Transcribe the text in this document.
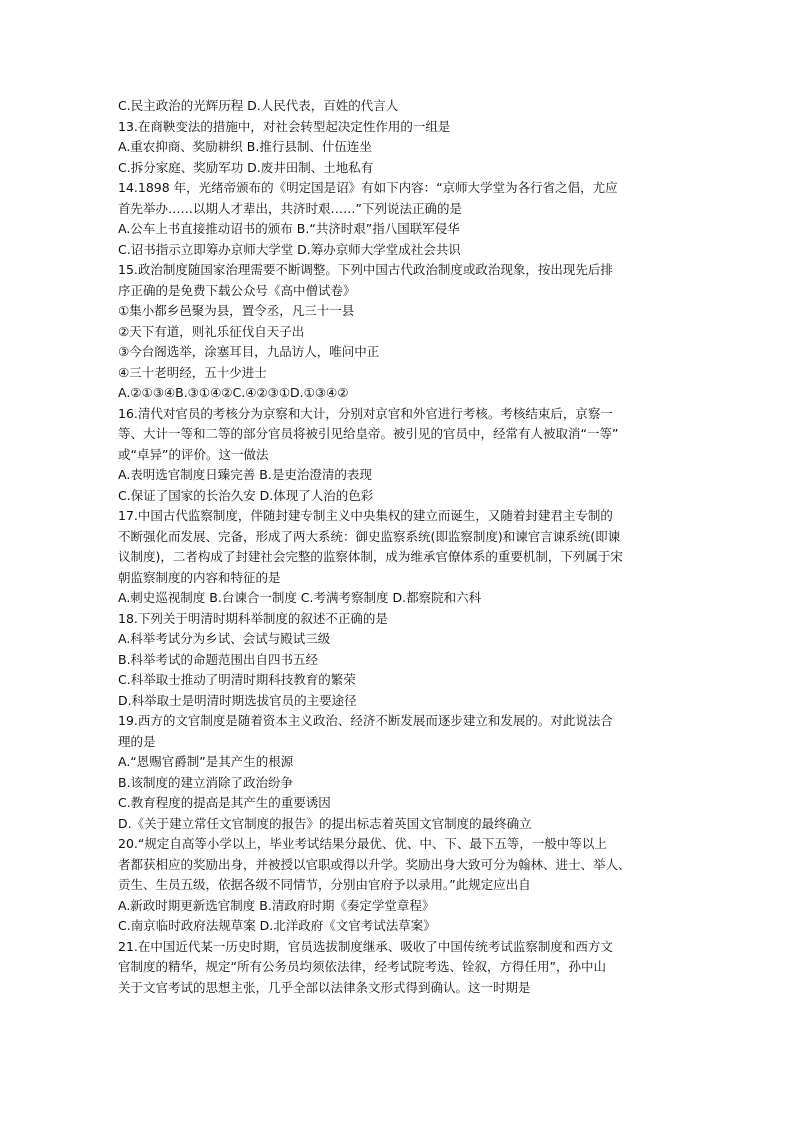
C.民主政治的光辉历程 D.人民代表，百姓的代言人
13.在商鞅变法的措施中，对社会转型起决定性作用的一组是
A.重农抑商、奖励耕织 B.推行县制、什伍连坐
C.拆分家庭、奖励军功 D.废井田制、土地私有
14.1898 年，光绪帝颁布的《明定国是诏》有如下内容：“京师大学堂为各行省之倡，尤应
首先举办……以期人才辈出，共济时艰……”下列说法正确的是
A.公车上书直接推动诏书的颁布 B.“共济时艰”指八国联军侵华
C.诏书指示立即筹办京师大学堂 D.筹办京师大学堂成社会共识
15.政治制度随国家治理需要不断调整。下列中国古代政治制度或政治现象，按出现先后排
序正确的是免费下载公众号《高中僧试卷》
①集小都乡邑聚为县，置令丞，凡三十一县
②天下有道，则礼乐征伐自天子出
③今台阁选举，涂塞耳目，九品访人，唯问中正
④三十老明经，五十少进士
A.②①③④B.③①④②C.④②③①D.①③④②
16.清代对官员的考核分为京察和大计，分别对京官和外官进行考核。考核结束后，京察一
等、大计一等和二等的部分官员将被引见给皇帝。被引见的官员中，经常有人被取消“一等”
或“卓异”的评价。这一做法
A.表明选官制度日臻完善 B.是吏治澄清的表现
C.保证了国家的长治久安 D.体现了人治的色彩
17.中国古代监察制度，伴随封建专制主义中央集权的建立而诞生，又随着封建君主专制的
不断强化而发展、完备，形成了两大系统：御史监察系统(即监察制度)和谏官言谏系统(即谏
议制度)，二者构成了封建社会完整的监察体制，成为维承官僚体系的重要机制，下列属于宋
朝监察制度的内容和特征的是
A.刺史巡视制度 B.台谏合一制度 C.考满考察制度 D.都察院和六科
18.下列关于明清时期科举制度的叙述不正确的是
A.科举考试分为乡试、会试与殿试三级
B.科举考试的命题范围出自四书五经
C.科举取士推动了明清时期科技教育的繁荣
D.科举取士是明清时期选拔官员的主要途径
19.西方的文官制度是随着资本主义政治、经济不断发展而逐步建立和发展的。对此说法合
理的是
A.“恩赐官爵制”是其产生的根源
B.该制度的建立消除了政治纷争
C.教育程度的提高是其产生的重要诱因
D.《关于建立常任文官制度的报告》的提出标志着英国文官制度的最终确立
20.“规定自高等小学以上，毕业考试结果分最优、优、中、下、最下五等，一般中等以上
者都获相应的奖励出身，并被授以官职或得以升学。奖励出身大致可分为翰林、进士、举人、
贡生、生员五级，依据各级不同情节，分别由官府予以录用。”此规定应出自
A.新政时期更新选官制度 B.清政府时期《奏定学堂章程》
C.南京临时政府法规草案 D.北洋政府《文官考试法草案》
21.在中国近代某一历史时期，官员选拔制度继承、吸收了中国传统考试监察制度和西方文
官制度的精华，规定“所有公务员均须依法律，经考试院考选、铨叙，方得任用”，孙中山
关于文官考试的思想主张，几乎全部以法律条文形式得到确认。这一时期是
